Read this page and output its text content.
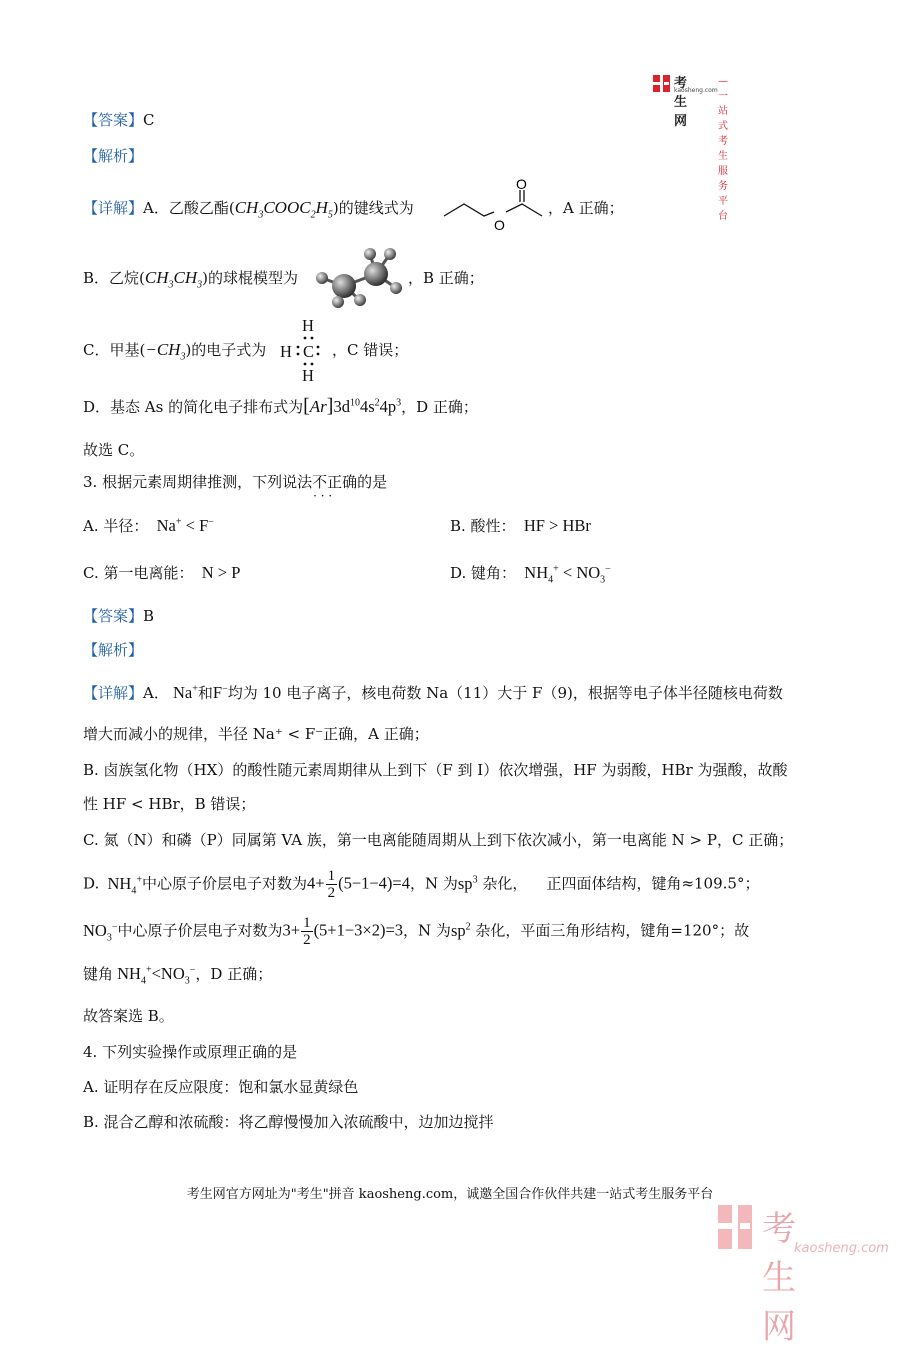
考生网
kaosheng.com
—一站式考生服务平台
【答案】C
【解析】
【详解】A．乙酸乙酯$(CH_3COOC_2H_5)$的键线式为
O
O
，A 正确；
B．乙烷$(CH_3CH_3)$的球棍模型为	，B 正确；
C．甲基$(-CH_3)$的电子式为
H
H C
H
，C 错误；
D．基态 As 的简化电子排布式为$[Ar]3d^{10}4s^24p^3$，D 正确；
故选 C。
3. 根据元素周期律推测，下列说法不正确 · · ·的是
A. 半径：  Na+ < F−	B. 酸性： HF > HBr
C. 第一电离能： N > P	D. 键角：  $NH_4^+ < NO_3^-$
【答案】B
【解析】
【详解】A． Na+和F−均为 10 电子离子，核电荷数 Na（11）大于 F（9)，根据等电子体半径随核电荷数
增大而减小的规律，半径 Na⁺ < F⁻正确，A 正确；
B. 卤族氢化物（HX）的酸性随元素周期律从上到下（F 到 I）依次增强，HF 为弱酸，HBr 为强酸，故酸
性 HF < HBr，B 错误；
C. 氮（N）和磷（P）同属第 VA 族，第一电离能随周期从上到下依次减小，第一电离能 N > P，C 正确；
D.  $NH_4^+$中心原子价层电子对数为$4+ \frac{1}{2} (5-1-4)=4$，N 为$sp^3$ 杂化， 正四面体结构，键角≈109.5°；
$NO_3^-$中心原子价层电子对数为$3+ \frac{1}{2} (5+1-3\times 2)=3$，N 为$sp^2$ 杂化，平面三角形结构，键角=120°；故
键角 $NH_4^+<NO_3^-$，D 正确；
故答案选 B。
4. 下列实验操作或原理正确的是
A. 证明存在反应限度：饱和氯水显黄绿色
B. 混合乙醇和浓硫酸：将乙醇慢慢加入浓硫酸中，边加边搅拌
考生网官方网址为"考生"拼音 kaosheng.com，诚邀全国合作伙伴共建一站式考生服务平台
考生网
kaosheng.com
